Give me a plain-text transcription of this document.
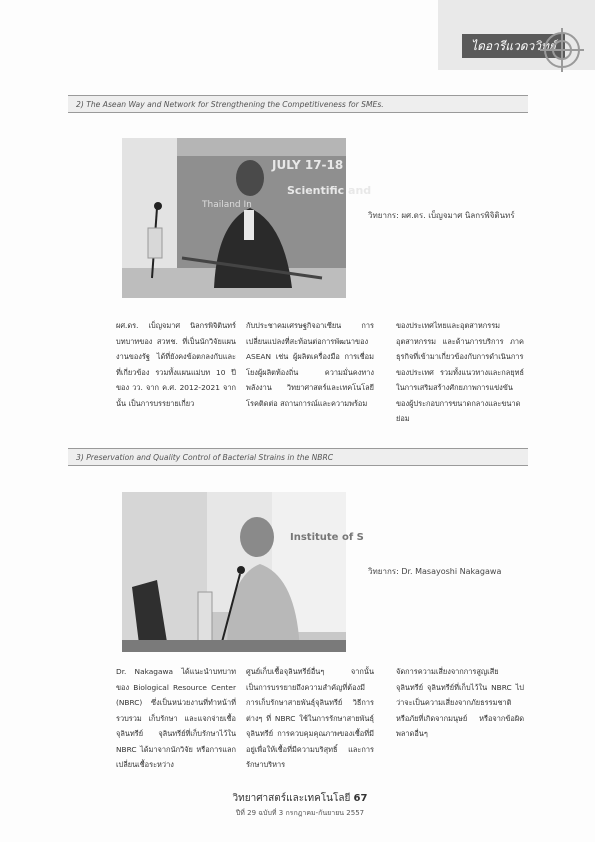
ไดอารีแวดววิทย์
2) The Asean Way and Network for Strengthening the Competitiveness for SMEs.
JULY 17-18
Scientific and
Thailand In
วิทยากร: ผศ.ดร. เบ็ญจมาศ นิลกรพิจิตินทร์

ผศ.ดร. เบ็ญจมาศ นิลกรพิจิตินทร์ บทบาทของ สวทช. ที่เป็นนักวิจัยแผนงานของรัฐ ได้ที่ยังคงข้อตกลงกับและที่เกี่ยวข้อง รวมทั้งแผนแม่บท 10 ปี ของ วว. จาก ค.ศ. 2012-2021 จากนั้น เป็นการบรรยายเกี่ยว

กับประชาคมเศรษฐกิจอาเซียน การเปลี่ยนแปลงที่สะท้อนต่อการพัฒนาของ ASEAN เช่น ผู้ผลิตเครื่องมือ การเชื่อมโยงผู้ผลิตท้องถิ่น ความมั่นคงทางพลังงาน วิทยาศาสตร์และเทคโนโลยีโรคติดต่อ สถานการณ์และความพร้อม

ของประเทศไทยและอุตสาหกรรมอุตสาหกรรม และด้านการบริการ ภาคธุรกิจที่เข้ามาเกี่ยวข้องกับการดำเนินการของประเทศ รวมทั้งแนวทางและกลยุทธ์ในการเสริมสร้างศักยภาพการแข่งขันของผู้ประกอบการขนาดกลางและขนาดย่อม

3) Preservation and Quality Control of Bacterial Strains in the NBRC
Institute of S
วิทยากร: Dr. Masayoshi Nakagawa

Dr. Nakagawa ได้แนะนำบทบาทของ Biological Resource Center (NBRC) ซึ่งเป็นหน่วยงานที่ทำหน้าที่ รวบรวม เก็บรักษา และแจกจ่ายเชื้อจุลินทรีย์ จุลินทรีย์ที่เก็บรักษาไว้ใน NBRC ได้มาจากนักวิจัย หรือการแลกเปลี่ยนเชื้อระหว่าง

ศูนย์เก็บเชื้อจุลินทรีย์อื่นๆ จากนั้น เป็นการบรรยายถึงความสำคัญที่ต้องมีการเก็บรักษาสายพันธุ์จุลินทรีย์ วิธีการต่างๆ ที่ NBRC ใช้ในการรักษาสายพันธุ์จุลินทรีย์ การควบคุมคุณภาพของเชื้อที่มีอยู่เพื่อให้เชื้อที่มีความบริสุทธิ์ และการรักษาบริหาร

จัดการความเสี่ยงจากการสูญเสียจุลินทรีย์ จุลินทรีย์ที่เก็บไว้ใน NBRC ไปว่าจะเป็นความเสี่ยงจากภัยธรรมชาติ หรือภัยที่เกิดจากมนุษย์ หรือจากข้อผิดพลาดอื่นๆ

วิทยาศาสตร์และเทคโนโลยี 67
ปีที่ 29 ฉบับที่ 3 กรกฎาคม-กันยายน 2557
